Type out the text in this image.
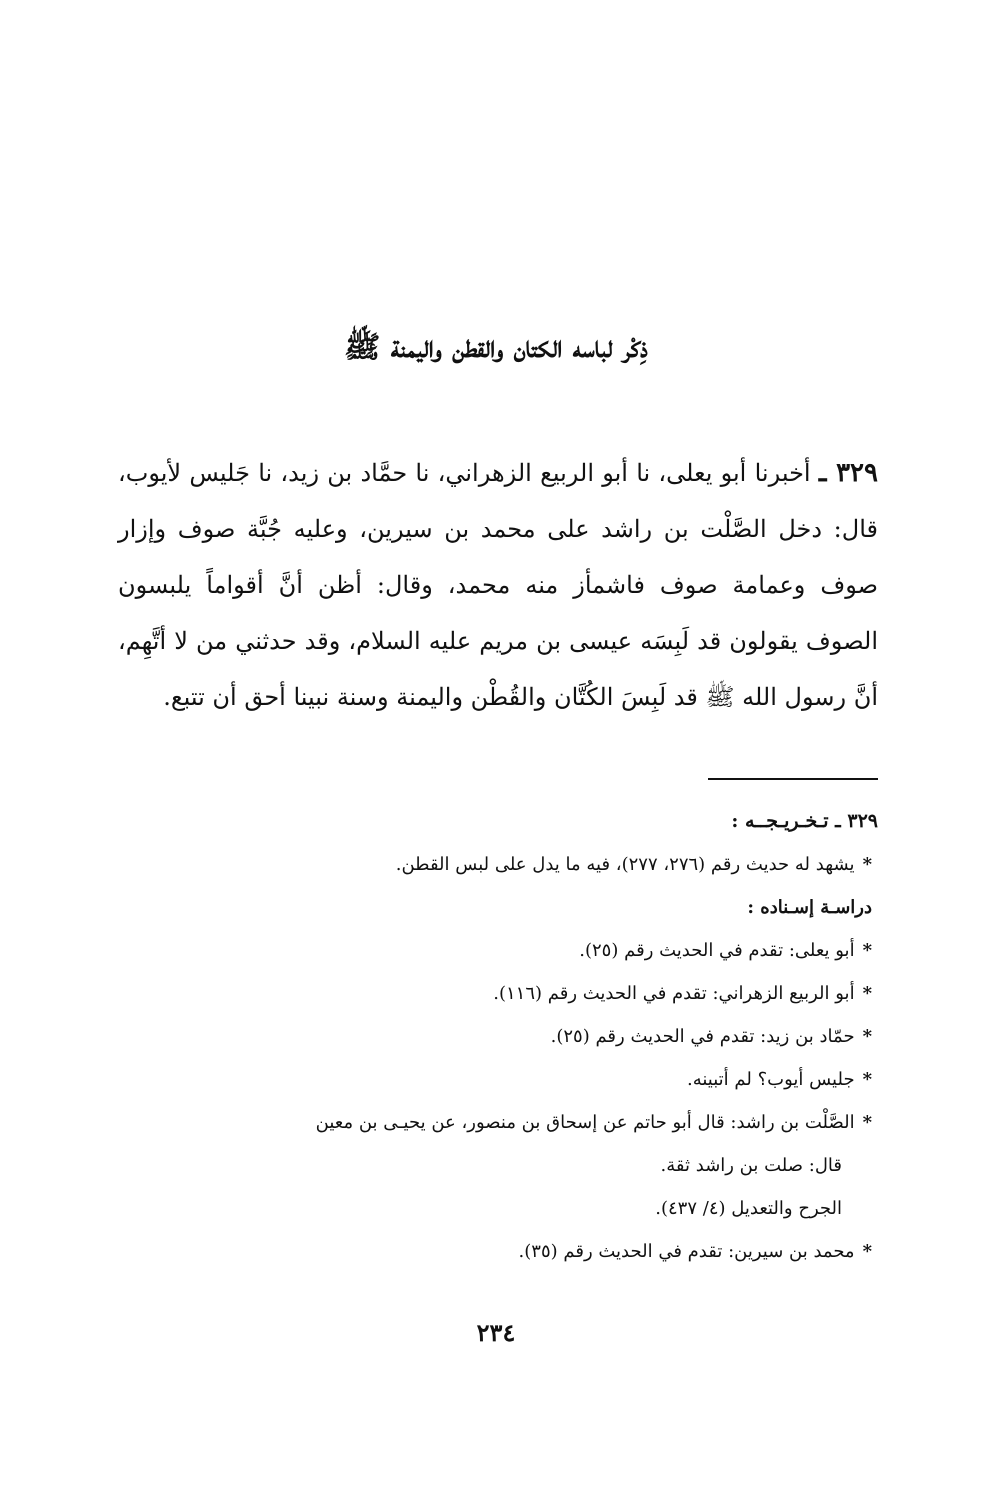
ذِكْر لباسه الكتان والقطن واليمنة ﷺ
٣٢٩ ـ أخبرنا أبو يعلى، نا أبو الربيع الزهراني، نا حمَّاد بن زيد، نا جَليس لأيوب، قال: دخل الصَّلْت بن راشد على محمد بن سيرين، وعليه جُبَّة صوف وإزار صوف وعمامة صوف فاشمأز منه محمد، وقال: أظن أنَّ أقواماً يلبسون الصوف يقولون قد لَبِسَه عيسى بن مريم عليه السلام، وقد حدثني من لا أتَّهِم، أنَّ رسول الله ﷺ قد لَبِسَ الكُتَّان والقُطْن واليمنة وسنة نبينا أحق أن تتبع.
٣٢٩ ـ تـخـريـجــه :
*يشهد له حديث رقم (٢٧٦، ٢٧٧)، فيه ما يدل على لبس القطن.
دراسـة إسـناده :
*أبو يعلى: تقدم في الحديث رقم (٢٥).
*أبو الربيع الزهراني: تقدم في الحديث رقم (١١٦).
*حمّاد بن زيد: تقدم في الحديث رقم (٢٥).
*جليس أيوب؟ لم أتبينه.
*الصَّلْت بن راشد: قال أبو حاتم عن إسحاق بن منصور، عن يحيـى بن معين
قال: صلت بن راشد ثقة.
الجرح والتعديل (٤/ ٤٣٧).
*محمد بن سيرين: تقدم في الحديث رقم (٣٥).
٢٣٤
